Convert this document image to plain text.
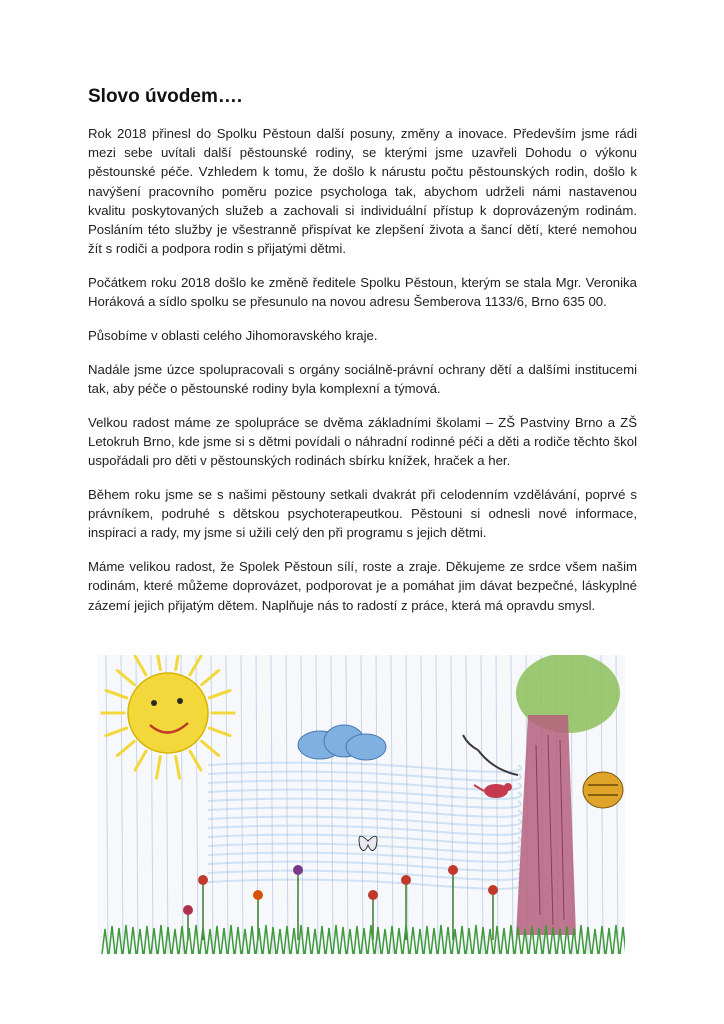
Slovo úvodem….

Rok 2018 přinesl do Spolku Pěstoun další posuny, změny a inovace. Především jsme rádi mezi sebe uvítali další pěstounské rodiny, se kterými jsme uzavřeli Dohodu o výkonu pěstounské péče. Vzhledem k tomu, že došlo k nárustu počtu pěstounských rodin, došlo k navýšení pracovního poměru pozice psychologa tak, abychom udrželi námi nastavenou kvalitu poskytovaných služeb a zachovali si individuální přístup k doprovázeným rodinám. Posláním této služby je všestranně přispívat ke zlepšení života a šancí dětí, které nemohou žít s rodiči a podpora rodin s přijatými dětmi.

Počátkem roku 2018 došlo ke změně ředitele Spolku Pěstoun, kterým se stala Mgr. Veronika Horáková a sídlo spolku se přesunulo na novou adresu Šemberova 1133/6, Brno 635 00.

Působíme v oblasti celého Jihomoravského kraje.

Nadále jsme úzce spolupracovali s orgány sociálně-právní ochrany dětí a dalšími institucemi tak, aby péče o pěstounské rodiny byla komplexní a týmová.

Velkou radost máme ze spolupráce se dvěma základními školami – ZŠ Pastviny Brno a ZŠ Letokruh Brno, kde jsme si s dětmi povídali o náhradní rodinné péči a děti a rodiče těchto škol uspořádali pro děti v pěstounských rodinách sbírku knížek, hraček a her.

Během roku jsme se s našimi pěstouny setkali dvakrát při celodenním vzdělávání, poprvé s právníkem, podruhé s dětskou psychoterapeutkou. Pěstouni si odnesli nové informace, inspiraci a rady, my jsme si užili celý den při programu s jejich dětmi.

Máme velikou radost, že Spolek Pěstoun sílí, roste a zraje. Děkujeme ze srdce všem našim rodinám, které můžeme doprovázet, podporovat je a pomáhat jim dávat bezpečné, láskyplné zázemí jejich přijatým dětem. Naplňuje nás to radostí z práce, která má opravdu smysl.
